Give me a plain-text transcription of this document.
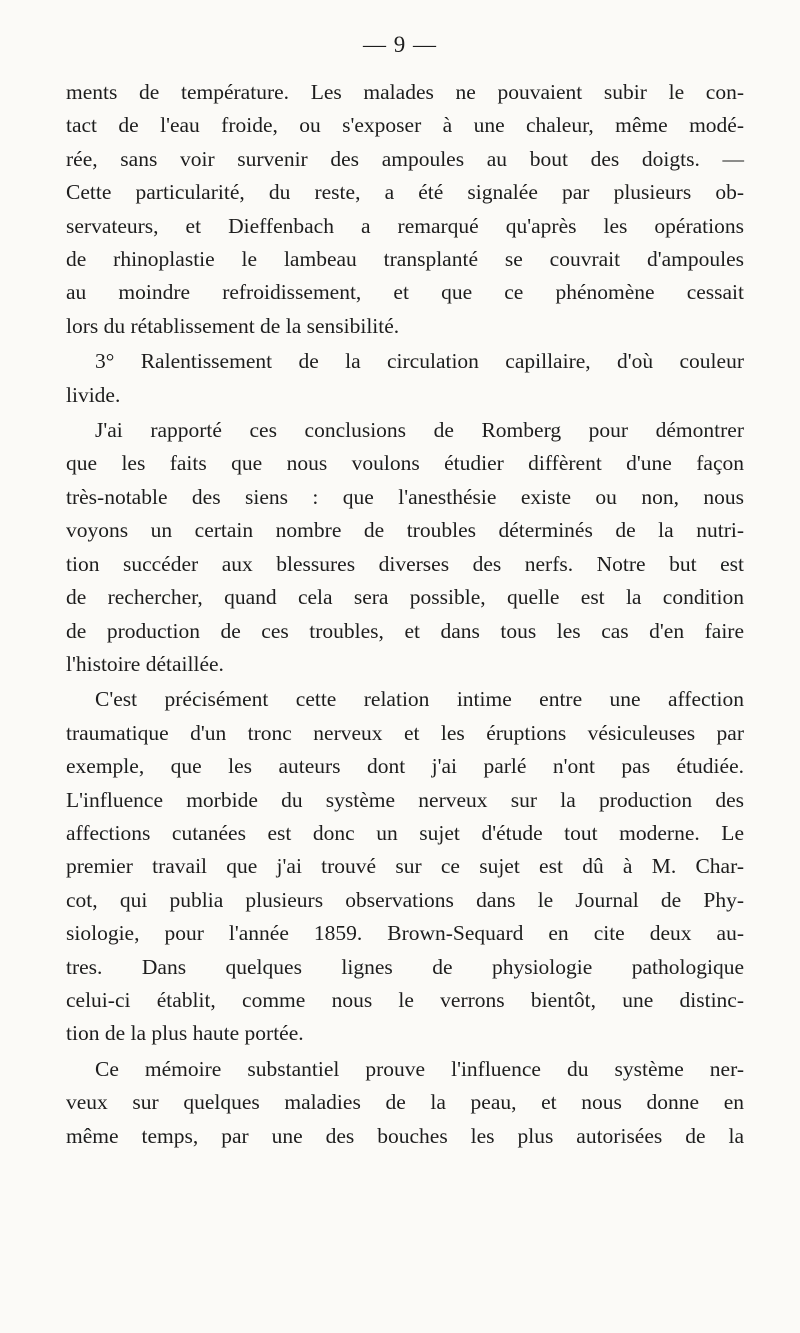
— 9 —

ments de température. Les malades ne pouvaient subir le con-
tact de l'eau froide, ou s'exposer à une chaleur, même modé-
rée, sans voir survenir des ampoules au bout des doigts. —
Cette particularité, du reste, a été signalée par plusieurs ob-
servateurs, et Dieffenbach a remarqué qu'après les opérations
de rhinoplastie le lambeau transplanté se couvrait d'ampoules
au moindre refroidissement, et que ce phénomène cessait
lors du rétablissement de la sensibilité.

3° Ralentissement de la circulation capillaire, d'où couleur
livide.

J'ai rapporté ces conclusions de Romberg pour démontrer
que les faits que nous voulons étudier diffèrent d'une façon
très-notable des siens : que l'anesthésie existe ou non, nous
voyons un certain nombre de troubles déterminés de la nutri-
tion succéder aux blessures diverses des nerfs. Notre but est
de rechercher, quand cela sera possible, quelle est la condition
de production de ces troubles, et dans tous les cas d'en faire
l'histoire détaillée.

C'est précisément cette relation intime entre une affection
traumatique d'un tronc nerveux et les éruptions vésiculeuses par
exemple, que les auteurs dont j'ai parlé n'ont pas étudiée.
L'influence morbide du système nerveux sur la production des
affections cutanées est donc un sujet d'étude tout moderne. Le
premier travail que j'ai trouvé sur ce sujet est dû à M. Char-
cot, qui publia plusieurs observations dans le Journal de Phy-
siologie, pour l'année 1859. Brown-Sequard en cite deux au-
tres. Dans quelques lignes de physiologie pathologique
celui-ci établit, comme nous le verrons bientôt, une distinc-
tion de la plus haute portée.

Ce mémoire substantiel prouve l'influence du système ner-
veux sur quelques maladies de la peau, et nous donne en
même temps, par une des bouches les plus autorisées de la
